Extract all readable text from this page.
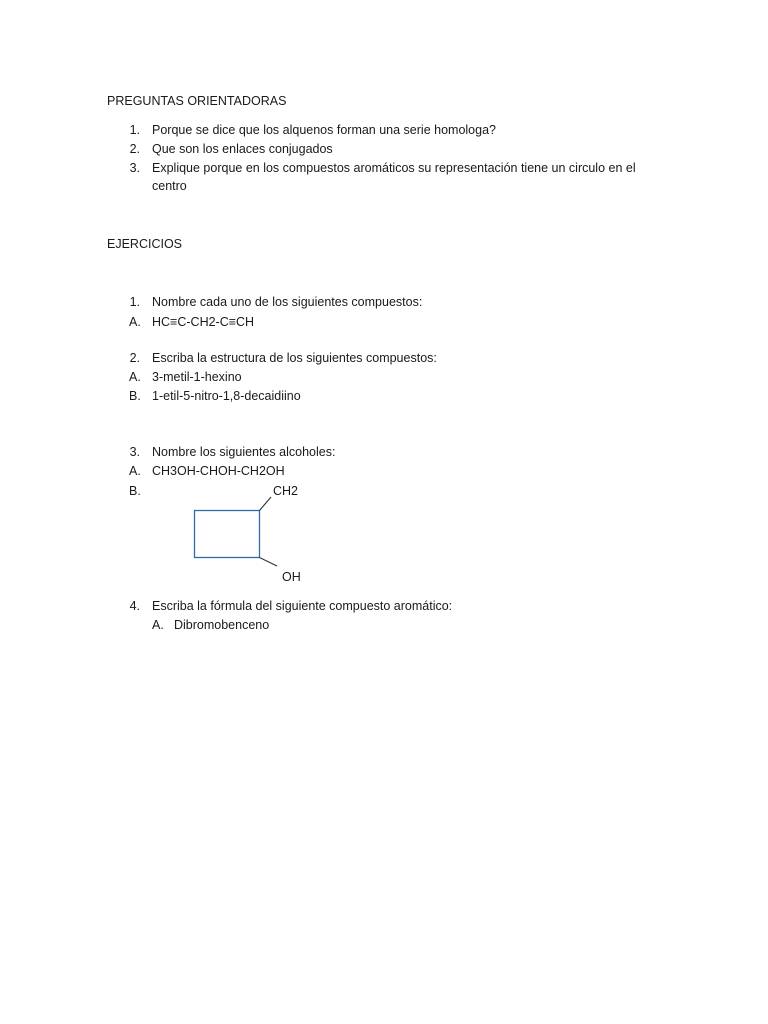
PREGUNTAS ORIENTADORAS
1. Porque se dice que los alquenos forman una serie homologa?
2. Que son los enlaces conjugados
3. Explique porque en los compuestos aromáticos su representación tiene un circulo en el
centro
EJERCICIOS
1. Nombre cada uno de los siguientes compuestos:
A. HC≡C-CH2-C≡CH
2. Escriba la estructura de los siguientes compuestos:
A. 3-metil-1-hexino
B. 1-etil-5-nitro-1,8-decaidiino
3. Nombre los siguientes alcoholes:
A. CH3OH-CHOH-CH2OH
B.	CH2
OH
4. Escriba la fórmula del siguiente compuesto aromático:
A. Dibromobenceno
